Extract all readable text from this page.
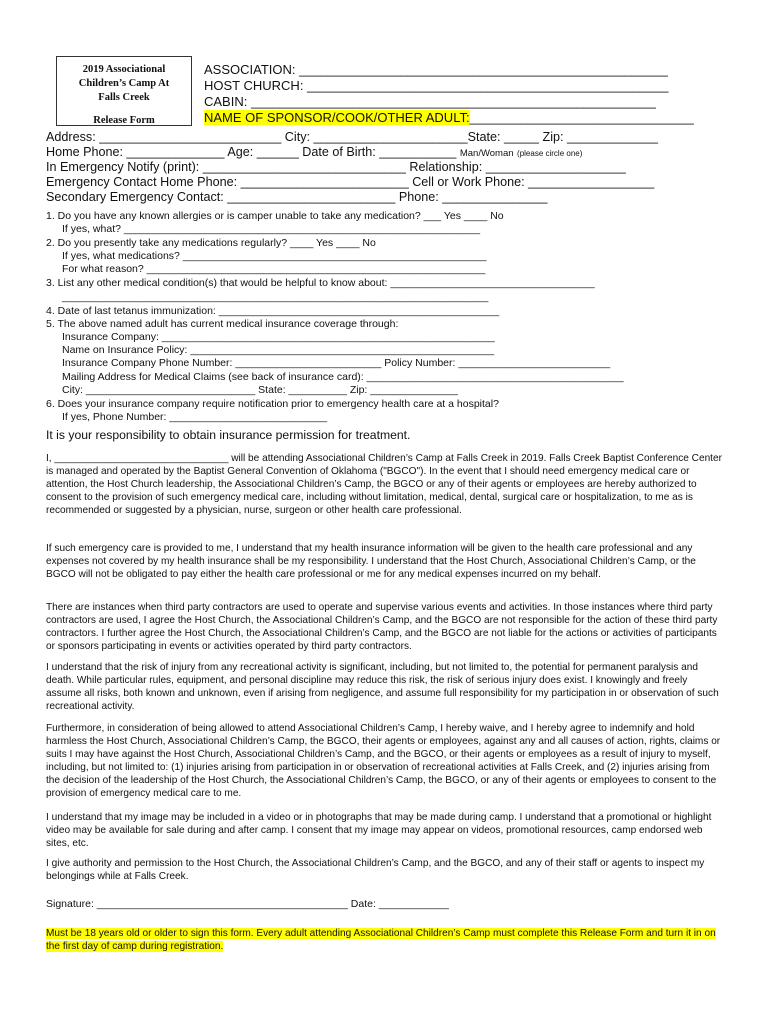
2019 Associational
Children’s Camp At
Falls Creek
Release Form
ASSOCIATION: ___________________________________________________
HOST CHURCH: __________________________________________________
CABIN: ________________________________________________________
NAME OF SPONSOR/COOK/OTHER ADULT:_______________________________
Address: __________________________ City: ______________________State: _____ Zip: _____________
Home Phone: ______________ Age: ______ Date of Birth: ___________ Man/Woman (please circle one)
In Emergency Notify (print): _____________________________ Relationship: ____________________
Emergency Contact Home Phone: ________________________ Cell or Work Phone: __________________
Secondary Emergency Contact: ________________________ Phone: _______________
1. Do you have any known allergies or is camper unable to take any medication? ___ Yes ____ No
If yes, what? _____________________________________________________________
2. Do you presently take any medications regularly? ____ Yes ____ No
If yes, what medications? ____________________________________________________
For what reason? __________________________________________________________
3. List any other medical condition(s) that would be helpful to know about: ___________________________________
_________________________________________________________________________
4. Date of last tetanus immunization: ________________________________________________
5. The above named adult has current medical insurance coverage through:
Insurance Company: _________________________________________________________
Name on Insurance Policy: ____________________________________________________
Insurance Company Phone Number: _________________________ Policy Number: __________________________
Mailing Address for Medical Claims (see back of insurance card): ____________________________________________
City: _____________________________ State: __________ Zip: _______________
6. Does your insurance company require notification prior to emergency health care at a hospital?
If yes, Phone Number: ___________________________
It is your responsibility to obtain insurance permission for treatment.

I, _______________________________ will be attending Associational Children’s Camp at Falls Creek in 2019. Falls Creek Baptist Conference Center is managed and operated by the Baptist General Convention of Oklahoma ("BGCO"). In the event that I should need emergency medical care or attention, the Host Church leadership, the Associational Children’s Camp, the BGCO or any of their agents or employees are hereby authorized to consent to the provision of such emergency medical care, including without limitation, medical, dental, surgical care or hospitalization, to me as is recommended or suggested by a physician, nurse, surgeon or other health care professional.

If such emergency care is provided to me, I understand that my health insurance information will be given to the health care professional and any expenses not covered by my health insurance shall be my responsibility. I understand that the Host Church, Associational Children’s Camp, or the BGCO will not be obligated to pay either the health care professional or me for any medical expenses incurred on my behalf.

There are instances when third party contractors are used to operate and supervise various events and activities. In those instances where third party contractors are used, I agree the Host Church, the Associational Children’s Camp, and the BGCO are not responsible for the action of these third party contractors. I further agree the Host Church, the Associational Children’s Camp, and the BGCO are not liable for the actions or activities of participants or sponsors participating in events or activities operated by third party contractors.

I understand that the risk of injury from any recreational activity is significant, including, but not limited to, the potential for permanent paralysis and death. While particular rules, equipment, and personal discipline may reduce this risk, the risk of serious injury does exist. I knowingly and freely assume all risks, both known and unknown, even if arising from negligence, and assume full responsibility for my participation in or observation of such recreational activity.

Furthermore, in consideration of being allowed to attend Associational Children’s Camp, I hereby waive, and I hereby agree to indemnify and hold harmless the Host Church, Associational Children’s Camp, the BGCO, their agents or employees, against any and all causes of action, rights, claims or suits I may have against the Host Church, Associational Children’s Camp, and the BGCO, or their agents or employees as a result of injury to myself, including, but not limited to: (1) injuries arising from participation in or observation of recreational activities at Falls Creek, and (2) injuries arising from the decision of the leadership of the Host Church, the Associational Children’s Camp, the BGCO, or any of their agents or employees to consent to the provision of emergency medical care to me.

I understand that my image may be included in a video or in photographs that may be made during camp. I understand that a promotional or highlight video may be available for sale during and after camp. I consent that my image may appear on videos, promotional resources, camp endorsed web sites, etc.

I give authority and permission to the Host Church, the Associational Children’s Camp, and the BGCO, and any of their staff or agents to inspect my belongings while at Falls Creek.

Signature: ___________________________________________ Date: ____________

Must be 18 years old or older to sign this form. Every adult attending Associational Children’s Camp must complete this Release Form and turn it in on the first day of camp during registration.
